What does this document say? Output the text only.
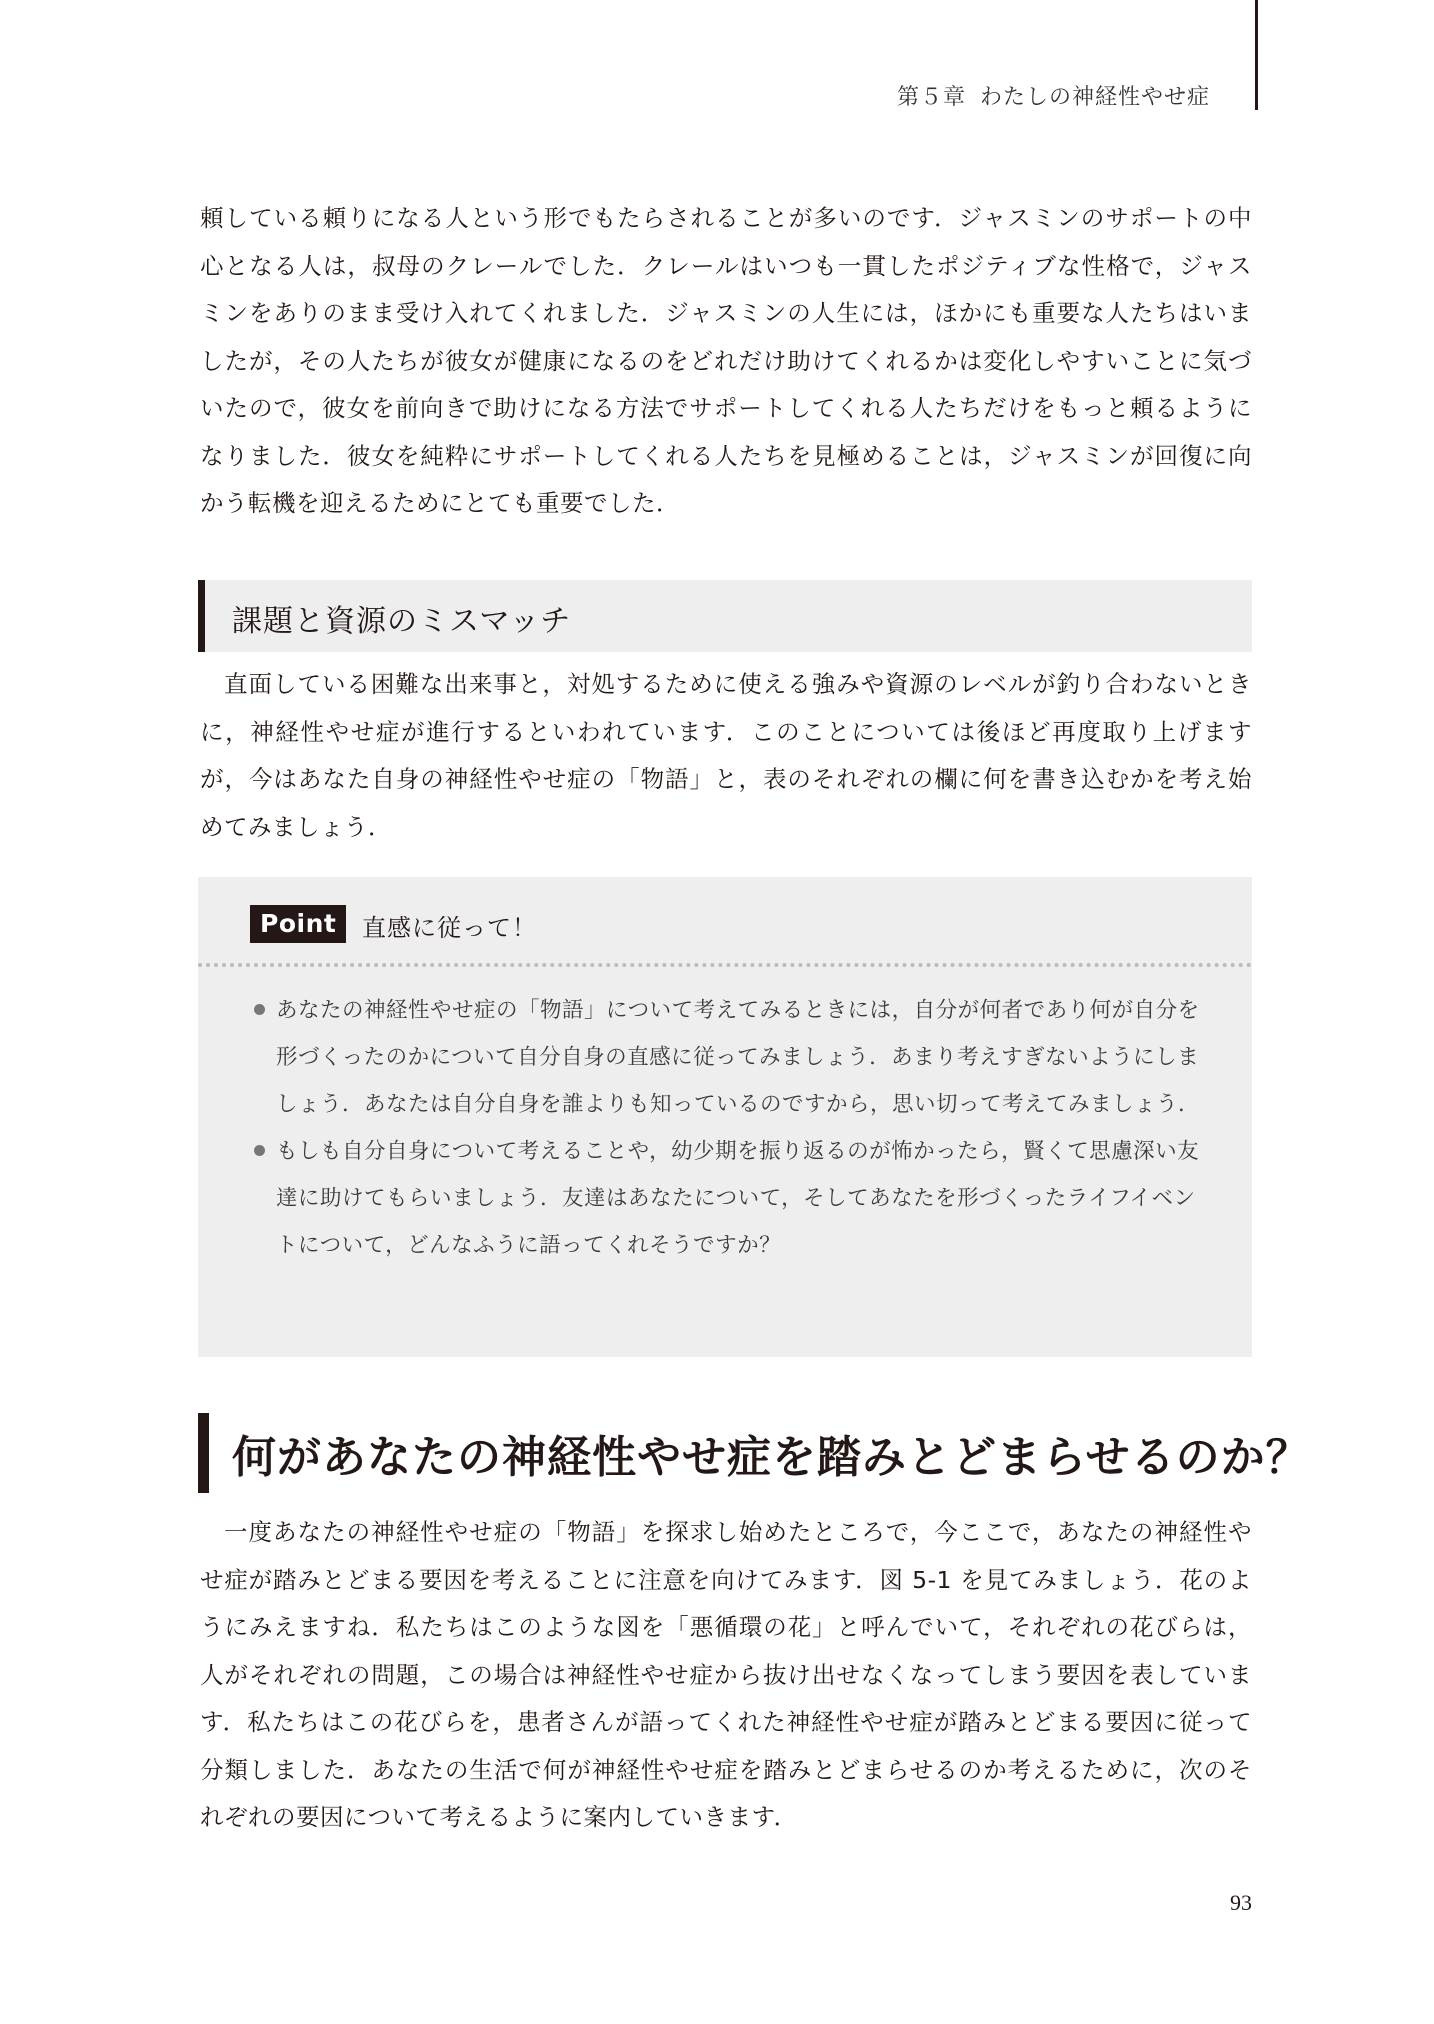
第５章 わたしの神経性やせ症

頼している頼りになる人という形でもたらされることが多いのです．ジャスミンのサポートの中心となる人は，叔母のクレールでした．クレールはいつも一貫したポジティブな性格で，ジャスミンをありのまま受け入れてくれました．ジャスミンの人生には，ほかにも重要な人たちはいましたが，その人たちが彼女が健康になるのをどれだけ助けてくれるかは変化しやすいことに気づいたので，彼女を前向きで助けになる方法でサポートしてくれる人たちだけをもっと頼るようになりました．彼女を純粋にサポートしてくれる人たちを見極めることは，ジャスミンが回復に向かう転機を迎えるためにとても重要でした．

課題と資源のミスマッチ

直面している困難な出来事と，対処するために使える強みや資源のレベルが釣り合わないときに，神経性やせ症が進行するといわれています．このことについては後ほど再度取り上げますが，今はあなた自身の神経性やせ症の「物語」と，表のそれぞれの欄に何を書き込むかを考え始めてみましょう．

Point	直感に従って！
あなたの神経性やせ症の「物語」について考えてみるときには，自分が何者であり何が自分を形づくったのかについて自分自身の直感に従ってみましょう．あまり考えすぎないようにしましょう．あなたは自分自身を誰よりも知っているのですから，思い切って考えてみましょう．
もしも自分自身について考えることや，幼少期を振り返るのが怖かったら，賢くて思慮深い友達に助けてもらいましょう．友達はあなたについて，そしてあなたを形づくったライフイベントについて，どんなふうに語ってくれそうですか？
何があなたの神経性やせ症を踏みとどまらせるのか？

一度あなたの神経性やせ症の「物語」を探求し始めたところで，今ここで，あなたの神経性やせ症が踏みとどまる要因を考えることに注意を向けてみます．図 5-1 を見てみましょう．花のようにみえますね．私たちはこのような図を「悪循環の花」と呼んでいて，それぞれの花びらは，人がそれぞれの問題，この場合は神経性やせ症から抜け出せなくなってしまう要因を表しています．私たちはこの花びらを，患者さんが語ってくれた神経性やせ症が踏みとどまる要因に従って分類しました．あなたの生活で何が神経性やせ症を踏みとどまらせるのか考えるために，次のそれぞれの要因について考えるように案内していきます．

93
